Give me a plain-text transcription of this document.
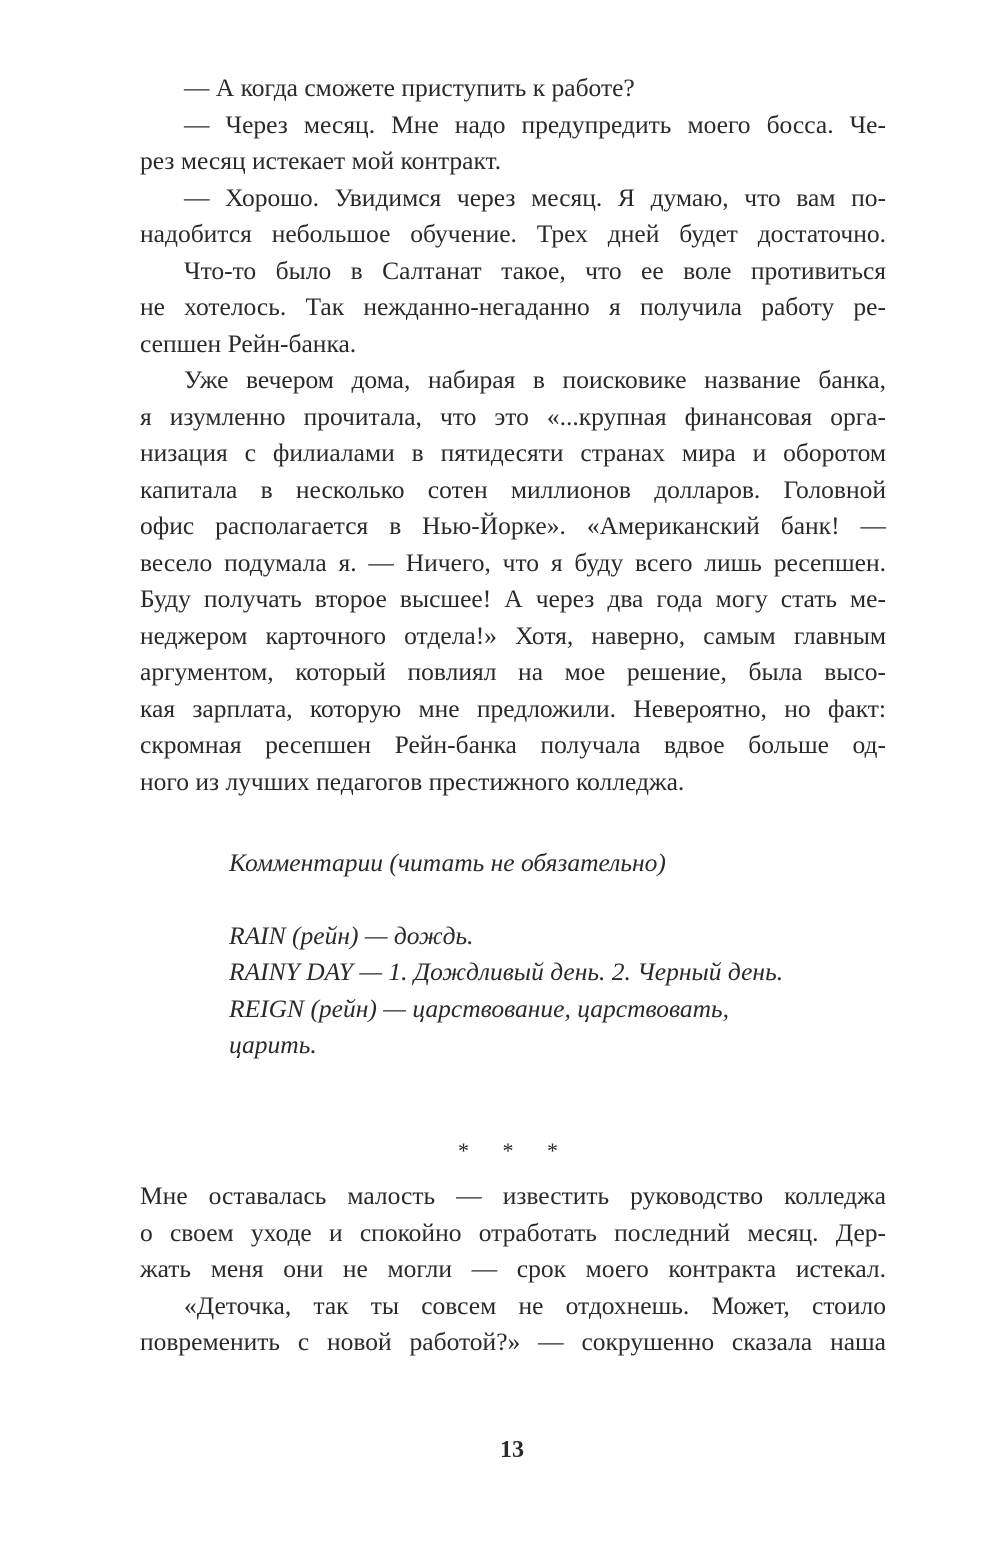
— А когда сможете приступить к работе?
— Через месяц. Мне надо предупредить моего босса. Че-
рез месяц истекает мой контракт.
— Хорошо. Увидимся через месяц. Я думаю, что вам по-
надобится небольшое обучение. Трех дней будет достаточно.
Что-то было в Салтанат такое, что ее воле противиться
не хотелось. Так нежданно-негаданно я получила работу ре-
сепшен Рейн-банка.
Уже вечером дома, набирая в поисковике название банка,
я изумленно прочитала, что это «...крупная финансовая орга-
низация с филиалами в пятидесяти странах мира и оборотом
капитала в несколько сотен миллионов долларов. Головной
офис располагается в Нью-Йорке». «Американский банк! —
весело подумала я. — Ничего, что я буду всего лишь ресепшен.
Буду получать второе высшее! А через два года могу стать ме-
неджером карточного отдела!» Хотя, наверно, самым главным
аргументом, который повлиял на мое решение, была высо-
кая зарплата, которую мне предложили. Невероятно, но факт:
скромная ресепшен Рейн-банка получала вдвое больше од-
ного из лучших педагогов престижного колледжа.
Комментарии (читать не обязательно)
RAIN (рейн) — дождь.
RAINY DAY — 1. Дождливый день. 2. Черный день.
REIGN (рейн) — царствование, царствовать,
царить.
* * *
Мне оставалась малость — известить руководство колледжа
о своем уходе и спокойно отработать последний месяц. Дер-
жать меня они не могли — срок моего контракта истекал.
«Деточка, так ты совсем не отдохнешь. Может, стоило
повременить с новой работой?» — сокрушенно сказала наша
13
